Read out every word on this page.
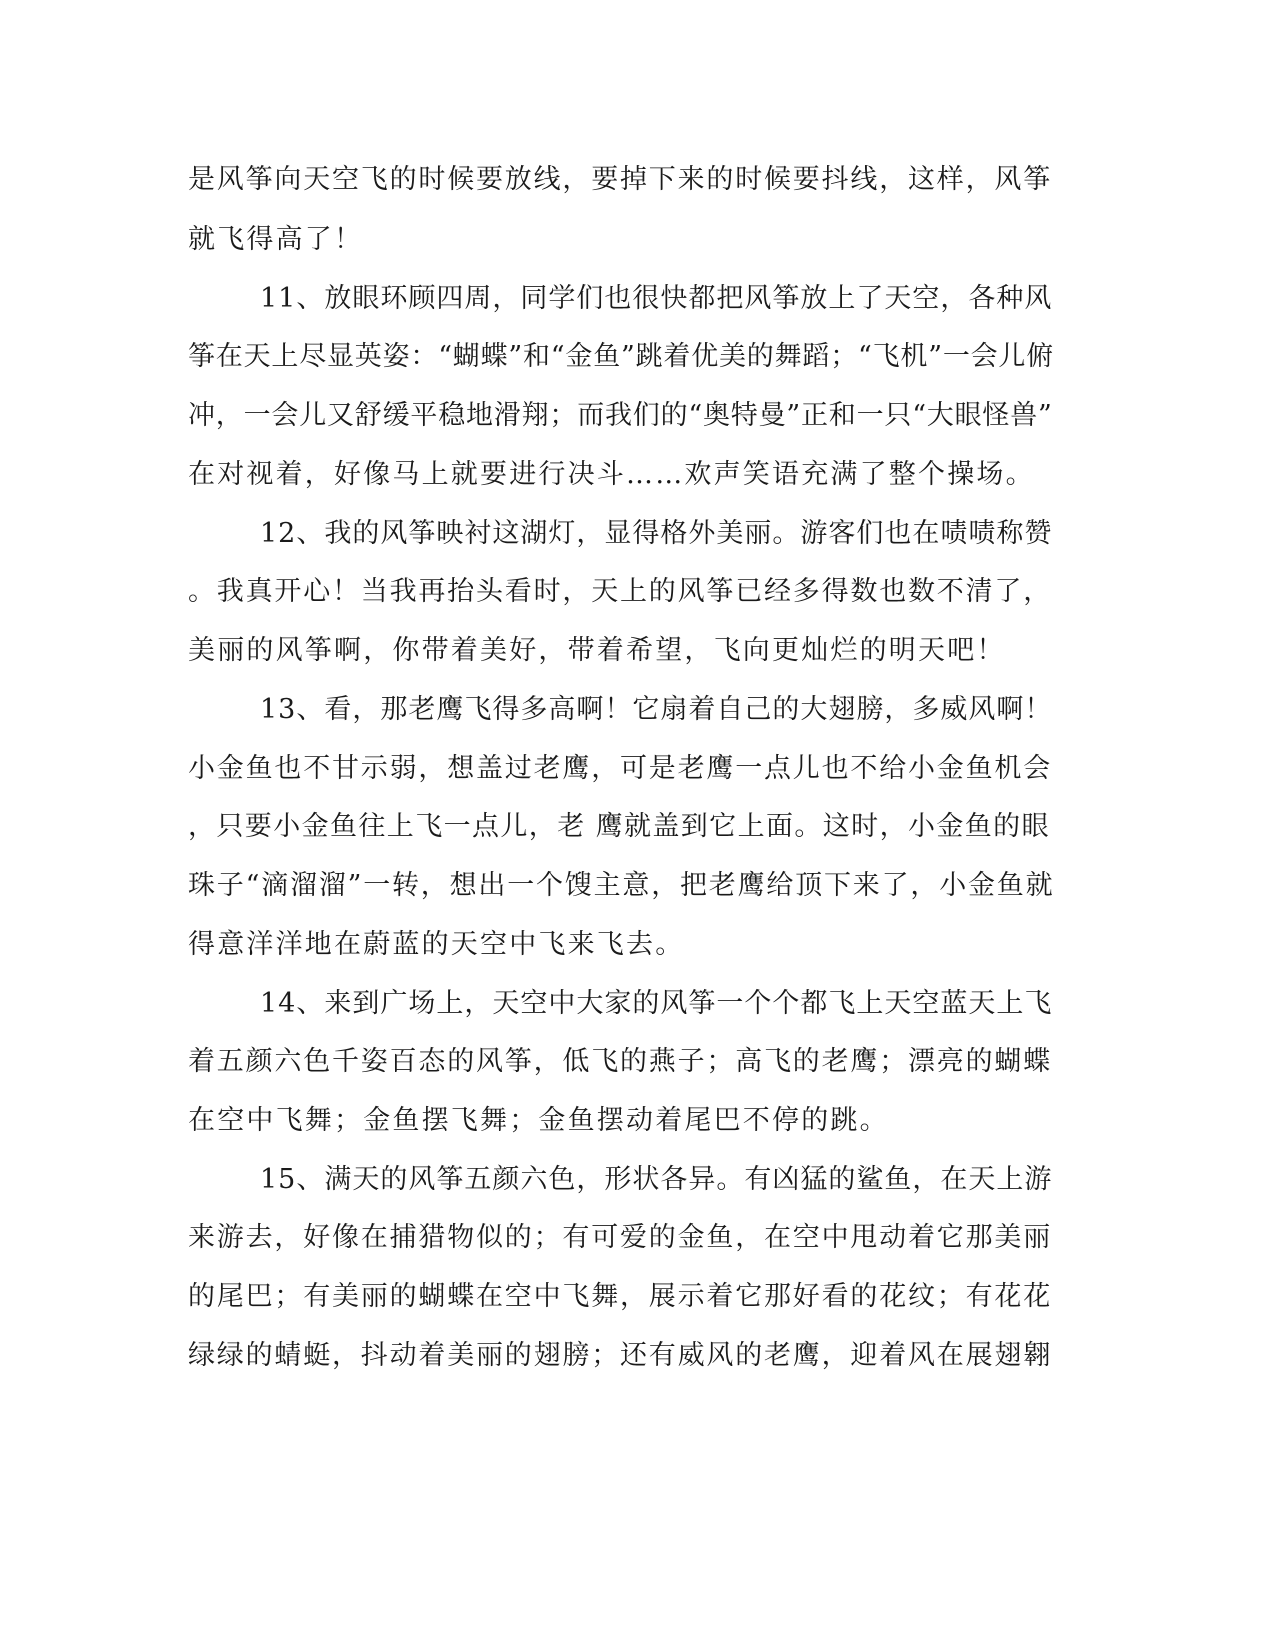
是风筝向天空飞的时候要放线，要掉下来的时候要抖线，这样，风筝
就飞得高了！
11、放眼环顾四周，同学们也很快都把风筝放上了天空，各种风
筝在天上尽显英姿：“蝴蝶”和“金鱼”跳着优美的舞蹈；“飞机”一会儿俯
冲，一会儿又舒缓平稳地滑翔；而我们的“奥特曼”正和一只“大眼怪兽”
在对视着，好像马上就要进行决斗……欢声笑语充满了整个操场。
12、我的风筝映衬这湖灯，显得格外美丽。游客们也在啧啧称赞
。我真开心！当我再抬头看时，天上的风筝已经多得数也数不清了，
美丽的风筝啊，你带着美好，带着希望，飞向更灿烂的明天吧！
13、看，那老鹰飞得多高啊！它扇着自己的大翅膀，多威风啊！
小金鱼也不甘示弱，想盖过老鹰，可是老鹰一点儿也不给小金鱼机会
，只要小金鱼往上飞一点儿，老 鹰就盖到它上面。这时，小金鱼的眼
珠子“滴溜溜”一转，想出一个馊主意，把老鹰给顶下来了，小金鱼就
得意洋洋地在蔚蓝的天空中飞来飞去。
14、来到广场上，天空中大家的风筝一个个都飞上天空蓝天上飞
着五颜六色千姿百态的风筝，低飞的燕子；高飞的老鹰；漂亮的蝴蝶
在空中飞舞；金鱼摆飞舞；金鱼摆动着尾巴不停的跳。
15、满天的风筝五颜六色，形状各异。有凶猛的鲨鱼，在天上游
来游去，好像在捕猎物似的；有可爱的金鱼，在空中甩动着它那美丽
的尾巴；有美丽的蝴蝶在空中飞舞，展示着它那好看的花纹；有花花
绿绿的蜻蜓，抖动着美丽的翅膀；还有威风的老鹰，迎着风在展翅翱
